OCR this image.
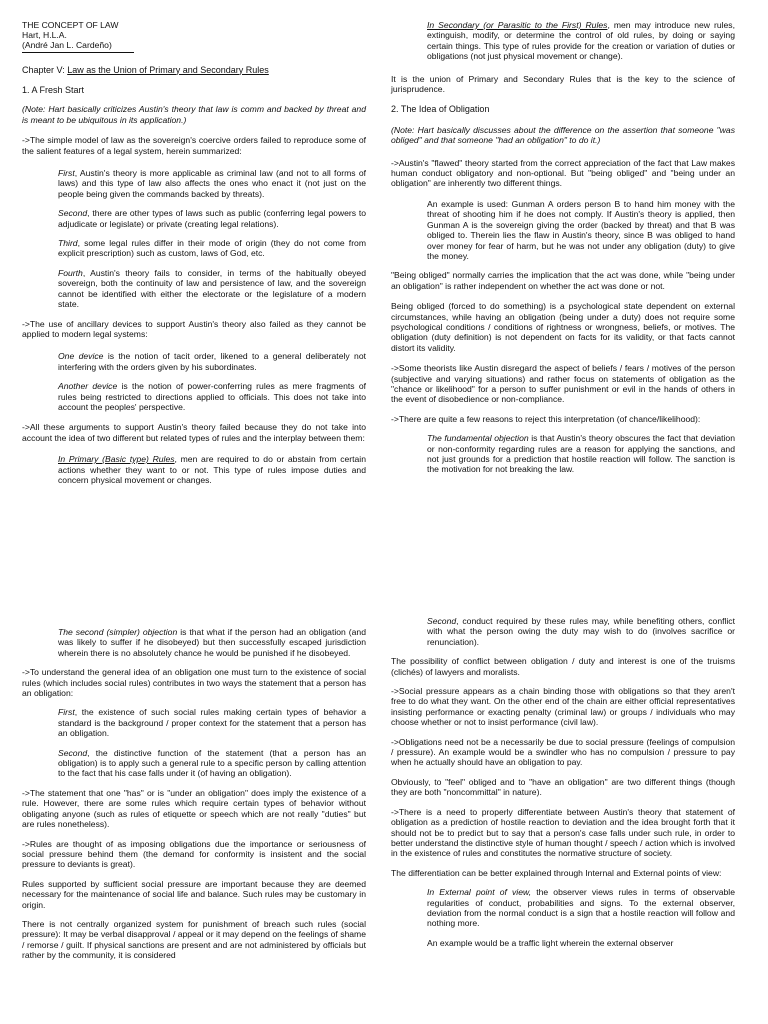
THE CONCEPT OF LAW

Hart, H.L.A.

(André Jan L. Cardeño)

Chapter V: Law as the Union of Primary and Secondary Rules

1. A Fresh Start

(Note: Hart basically criticizes Austin's theory that law is comm and backed by threat and is meant to be ubiquitous in its application.)

->The simple model of law as the sovereign's coercive orders failed to reproduce some of the salient features of a legal system, herein summarized:

First, Austin's theory is more applicable as criminal law (and not to all forms of laws) and this type of law also affects the ones who enact it (not just on the people being given the commands backed by threats).

Second, there are other types of laws such as public (conferring legal powers to adjudicate or legislate) or private (creating legal relations).

Third, some legal rules differ in their mode of origin (they do not come from explicit prescription) such as custom, laws of God, etc.

Fourth, Austin's theory fails to consider, in terms of the habitually obeyed sovereign, both the continuity of law and persistence of law, and the sovereign cannot be identified with either the electorate or the legislature of a modern state.

->The use of ancillary devices to support Austin's theory also failed as they cannot be applied to modern legal systems:

One device is the notion of tacit order, likened to a general deliberately not interfering with the orders given by his subordinates.

Another device is the notion of power-conferring rules as mere fragments of rules being restricted to directions applied to officials. This does not take into account the peoples' perspective.

->All these arguments to support Austin's theory failed because they do not take into account the idea of two different but related types of rules and the interplay between them:

In Primary (Basic type) Rules, men are required to do or abstain from certain actions whether they want to or not. This type of rules impose duties and concern physical movement or changes.

In Secondary (or Parasitic to the First) Rules, men may introduce new rules, extinguish, modify, or determine the control of old rules, by doing or saying certain things. This type of rules provide for the creation or variation of duties or obligations (not just physical movement or change).

It is the union of Primary and Secondary Rules that is the key to the science of jurisprudence.

2. The Idea of Obligation

(Note: Hart basically discusses about the difference on the assertion that someone "was obliged" and that someone "had an obligation" to do it.)

->Austin's "flawed" theory started from the correct appreciation of the fact that Law makes human conduct obligatory and non-optional. But "being obliged" and "being under an obligation" are inherently two different things.

An example is used: Gunman A orders person B to hand him money with the threat of shooting him if he does not comply. If Austin's theory is applied, then Gunman A is the sovereign giving the order (backed by threat) and that B was obliged to. Therein lies the flaw in Austin's theory, since B was obliged to hand over money for fear of harm, but he was not under any obligation (duty) to give the money.

"Being obliged" normally carries the implication that the act was done, while "being under an obligation" is rather independent on whether the act was done or not.

Being obliged (forced to do something) is a psychological state dependent on external circumstances, while having an obligation (being under a duty) does not require some psychological conditions / conditions of rightness or wrongness, beliefs, or motives. The obligation (duty definition) is not dependent on facts for its validity, or that facts cannot distort its validity.

->Some theorists like Austin disregard the aspect of beliefs / fears / motives of the person (subjective and varying situations) and rather focus on statements of obligation as the "chance or likelihood" for a person to suffer punishment or evil in the hands of others in the event of disobedience or non-compliance.

->There are quite a few reasons to reject this interpretation (of chance/likelihood):

The fundamental objection is that Austin's theory obscures the fact that deviation or non-conformity regarding rules are a reason for applying the sanctions, and not just grounds for a prediction that hostile reaction will follow. The sanction is the motivation for not breaking the law.

The second (simpler) objection is that what if the person had an obligation (and was likely to suffer if he disobeyed) but then successfully escaped jurisdiction wherein there is no absolutely chance he would be punished if he disobeyed.

->To understand the general idea of an obligation one must turn to the existence of social rules (which includes social rules) contributes in two ways the statement that a person has an obligation:

First, the existence of such social rules making certain types of behavior a standard is the background / proper context for the statement that a person has an obligation.

Second, the distinctive function of the statement (that a person has an obligation) is to apply such a general rule to a specific person by calling attention to the fact that his case falls under it (of having an obligation).

->The statement that one "has" or is "under an obligation" does imply the existence of a rule. However, there are some rules which require certain types of behavior without obligating anyone (such as rules of etiquette or speech which are not really "duties" but are rules nonetheless).

->Rules are thought of as imposing obligations due the importance or seriousness of social pressure behind them (the demand for conformity is insistent and the social pressure to deviants is great).

Rules supported by sufficient social pressure are important because they are deemed necessary for the maintenance of social life and balance. Such rules may be customary in origin.

There is not centrally organized system for punishment of breach such rules (social pressure): It may be verbal disapproval / appeal or it may depend on the feelings of shame / remorse / guilt. If physical sanctions are present and are not administered by officials but rather by the community, it is considered

Second, conduct required by these rules may, while benefiting others, conflict with what the person owing the duty may wish to do (involves sacrifice or renunciation).

The possibility of conflict between obligation / duty and interest is one of the truisms (clichés) of lawyers and moralists.

->Social pressure appears as a chain binding those with obligations so that they aren't free to do what they want. On the other end of the chain are either official representatives insisting performance or exacting penalty (criminal law) or groups / individuals who may choose whether or not to insist performance (civil law).

->Obligations need not be a necessarily be due to social pressure (feelings of compulsion / pressure). An example would be a swindler who has no compulsion / pressure to pay when he actually should have an obligation to pay.

Obviously, to "feel" obliged and to "have an obligation" are two different things (though they are both "noncommittal" in nature).

->There is a need to properly differentiate between Austin's theory that statement of obligation as a prediction of hostile reaction to deviation and the idea brought forth that it should not be to predict but to say that a person's case falls under such rule, in order to better understand the distinctive style of human thought / speech / action which is involved in the existence of rules and constitutes the normative structure of society.

The differentiation can be better explained through Internal and External points of view:

In External point of view, the observer views rules in terms of observable regularities of conduct, probabilities and signs. To the external observer, deviation from the normal conduct is a sign that a hostile reaction will follow and nothing more.

An example would be a traffic light wherein the external observer
